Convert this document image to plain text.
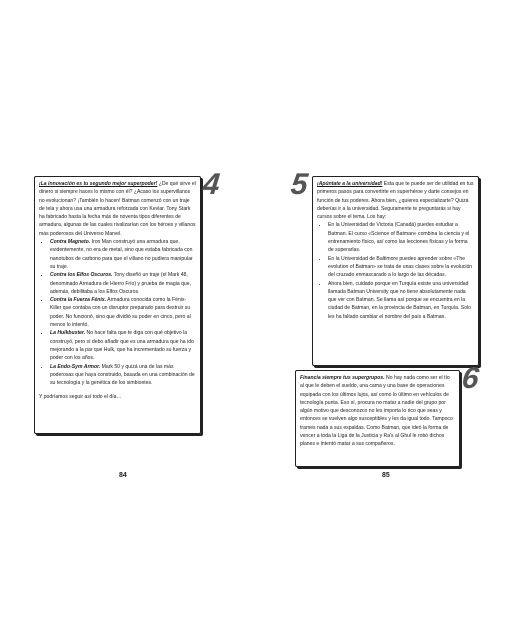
¡La innovación es tu segundo mejor superpoder! ¿De qué sirve el dinero si siempre haces lo mismo con él? ¿Acaso los supervillanos no evolucionan? ¡También lo hacen! Batman comenzó con un traje de tela y ahora usa una armadura reforzada con Kevlar. Tony Stark ha fabricado hasta la fecha más de noventa tipos diferentes de armadura, algunas de las cuales rivalizarían con los héroes y villanos más poderosos del Universo Marvel.

• Contra Magneto. Iron Man construyó una armadura que, evidentemente, no era de metal, sino que estaba fabricada con nanotubos de carbono para que el villano no pudiera manipular su traje.
• Contra los Elfos Oscuros. Tony diseñó un traje (el Mark 48, denominado Armadura de Hierro Frío) y prueba de magia que, además, debilitaba a los Elfos Oscuros.
• Contra la Fuerza Fénix. Armadura conocida como la Fénix-Killer que contaba con un disruptor preparado para destruir su poder. No funcionó, sino que dividió su poder en cinco, pero al menos lo intentó.
• La Hulkbuster. No hace falta que te diga con qué objetivo la construyó, pero sí debo añadir que es una armadura que ha ido mejorando a la par que Hulk, que ha incrementado su fuerza y poder con los años.
• La Endo-Sym Armor. Mark 50 y quizá una de las más poderosas que haya construido, basada en una combinación de su tecnología y la genética de los simbiontes.

Y podríamos seguir así todo el día…

4
84
5 ¡Apúntate a la universidad! Esta que te puede ser de utilidad en tus primeros pasos para convertirte en superhéroe y darte consejos en función de tus poderes. Ahora bien, ¿quieres especializarte? Quizá deberías ir a la universidad. Seguramente te preguntarás si hay cursos sobre el tema. Los hay:

• En la Universidad de Victoria (Canadá) puedes estudiar a Batman. El curso «Science of Batman» combina la ciencia y el entrenamiento físico, así como las lecciones físicas y la forma de superarlas.
• En la Universidad de Baltimore puedes aprender sobre «The evolution of Batman» se trata de unas clases sobre la evolución del cruzado enmascarado a lo largo de las décadas.
• Ahora bien, cuidado porque en Turquía existe una universidad llamada Batman University que no tiene absolutamente nada que ver con Batman. Se llama así porque se encuentra en la ciudad de Batman, en la provincia de Batman, en Turquía. Solo les ha faltado cambiar el nombre del país a Batman.

Financia siempre tus supergrupos. No hay nada como ser el tío al que le deben el sueldo, una cama y una base de operaciones equipada con los últimos lujos, así como lo último en vehículos de tecnología punta. Eso sí, procura no matar a nadie del grupo por algún motivo que desconozco no les importa lo rico que seas y entonces se vuelven algo susceptibles y les da igual todo. Tampoco trames nada a sus espaldas. Como Batman, que ideó la forma de vencer a toda la Liga de la Justicia y Ra's al Ghul le robó dichos planes e intentó matar a sus compañeros.

6
85
